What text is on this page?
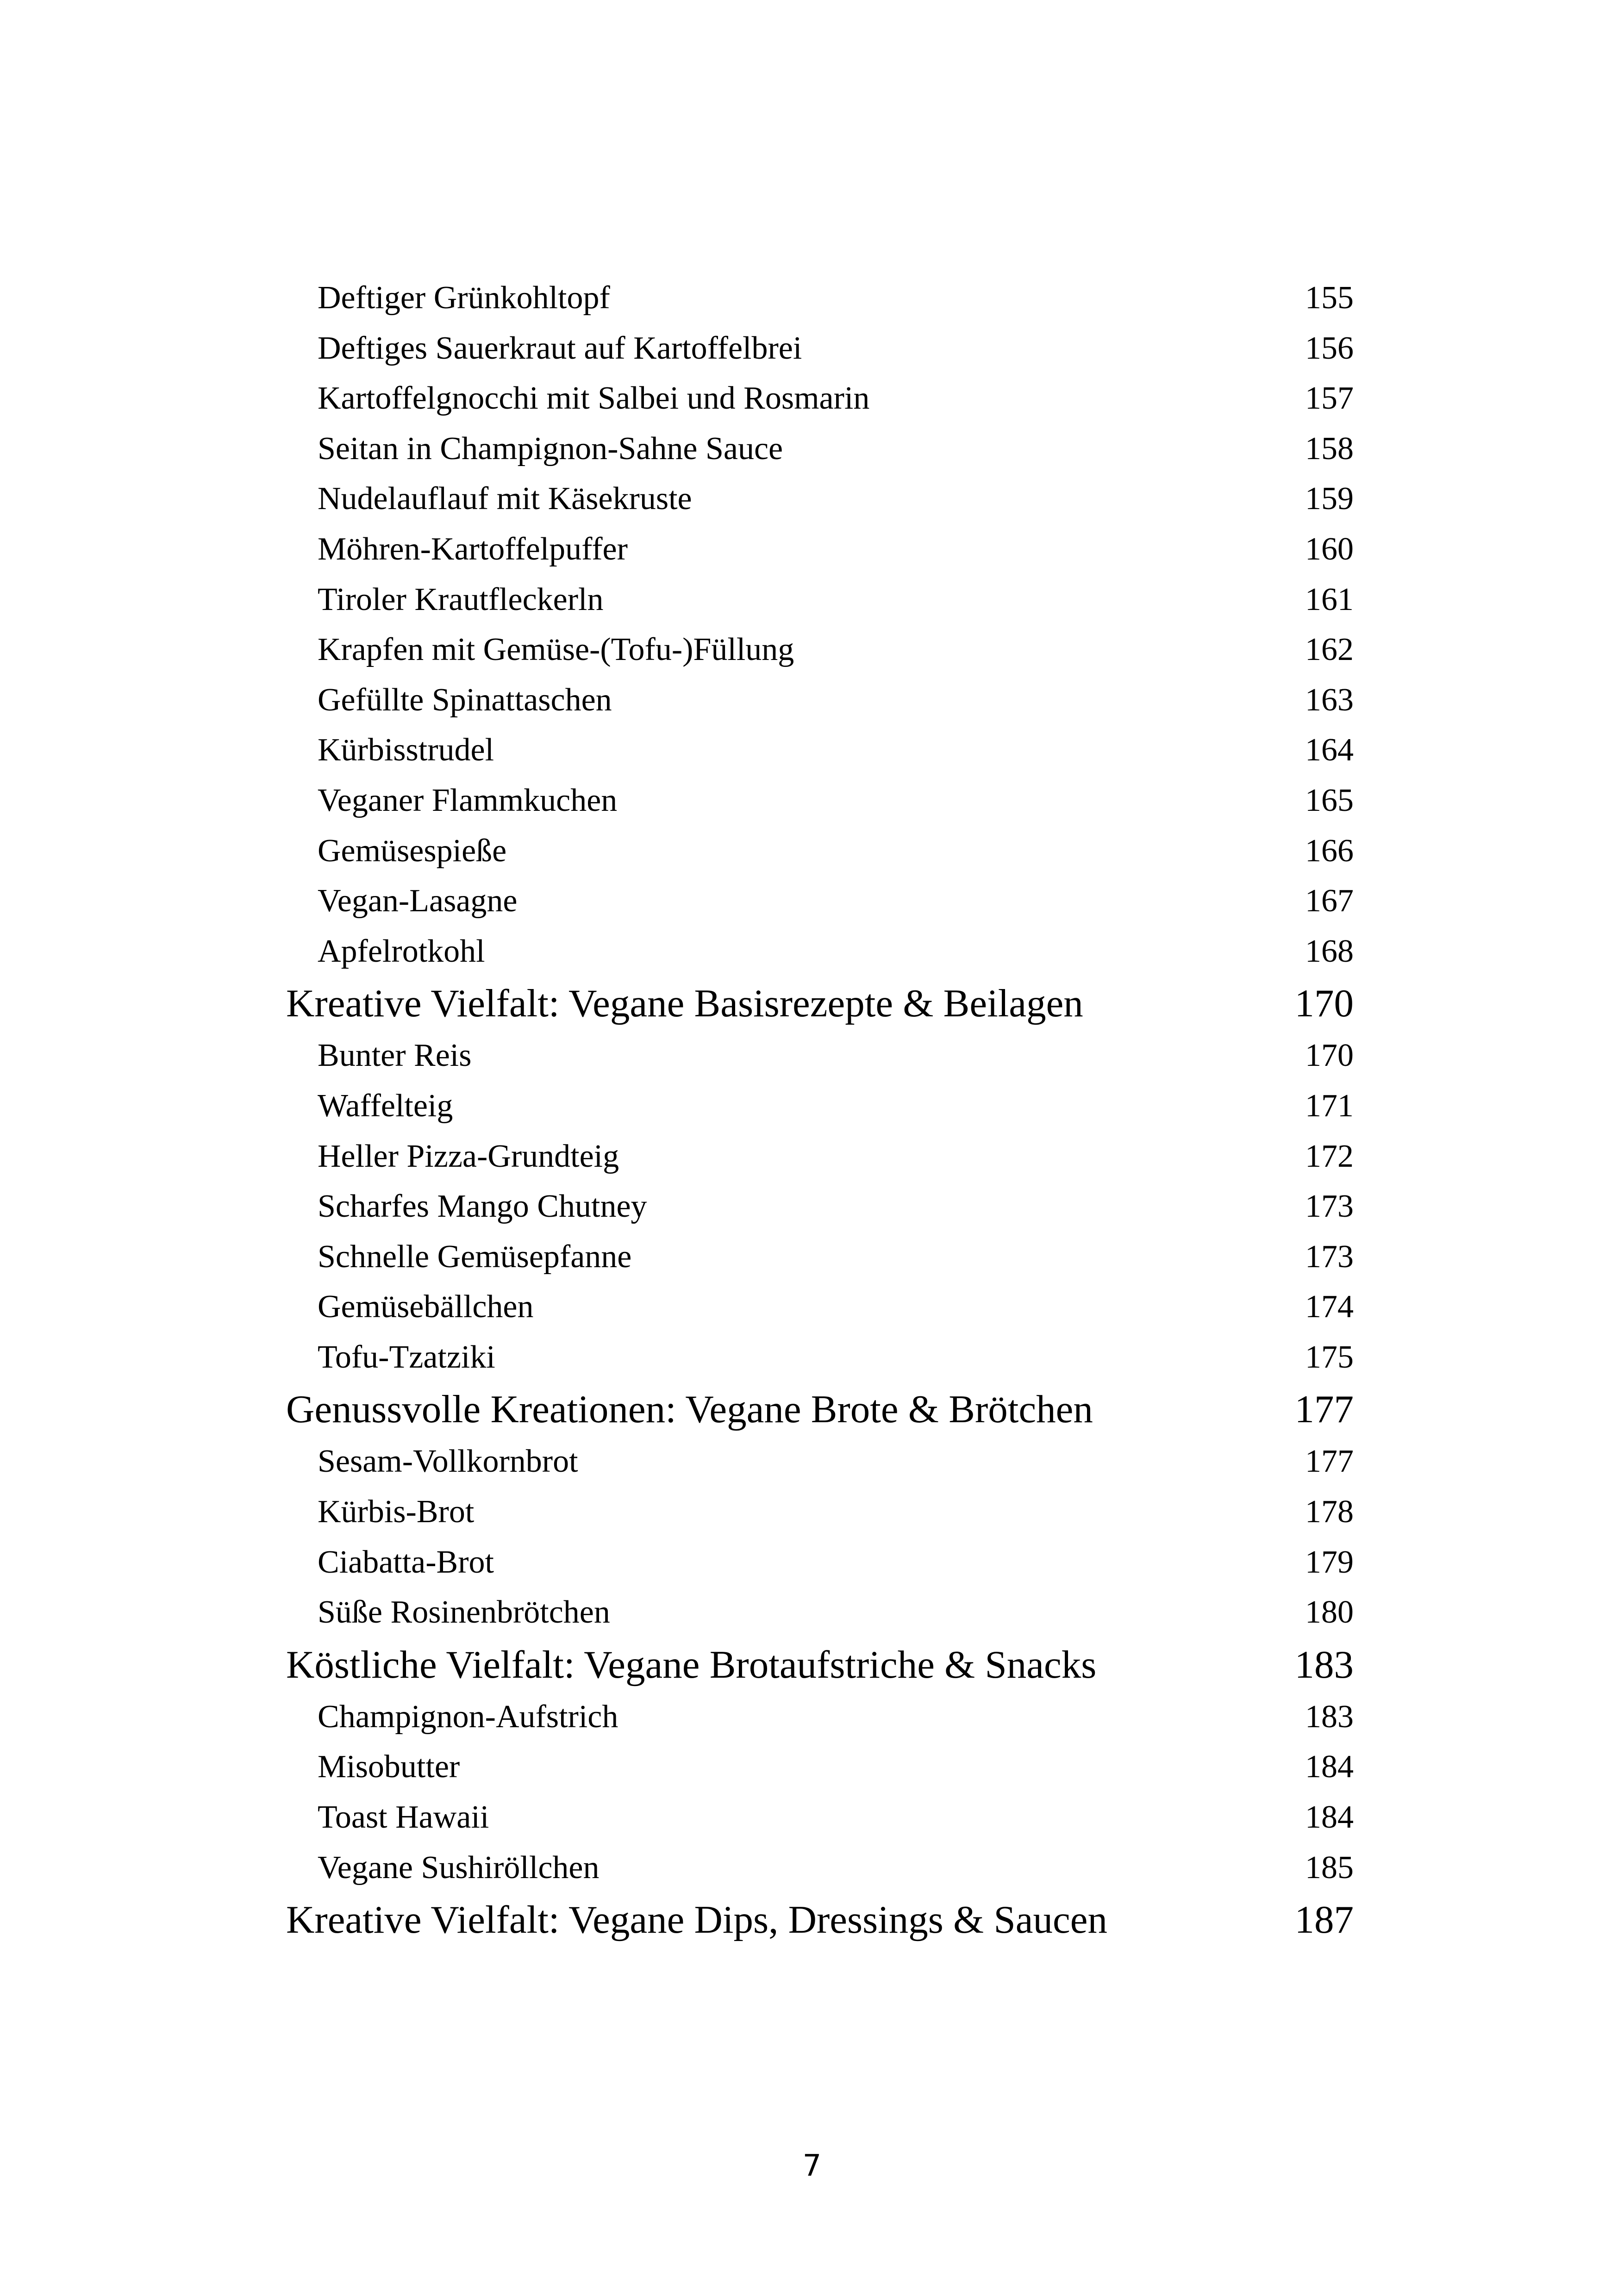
Deftiger Grünkohltopf	155
Deftiges Sauerkraut auf Kartoffelbrei	156
Kartoffelgnocchi mit Salbei und Rosmarin	157
Seitan in Champignon-Sahne Sauce	158
Nudelauflauf mit Käsekruste	159
Möhren-Kartoffelpuffer	160
Tiroler Krautfleckerln	161
Krapfen mit Gemüse-(Tofu-)Füllung	162
Gefüllte Spinattaschen	163
Kürbisstrudel	164
Veganer Flammkuchen	165
Gemüsespieße	166
Vegan-Lasagne	167
Apfelrotkohl	168
Kreative Vielfalt: Vegane Basisrezepte & Beilagen	170
Bunter Reis	170
Waffelteig	171
Heller Pizza-Grundteig	172
Scharfes Mango Chutney	173
Schnelle Gemüsepfanne	173
Gemüsebällchen	174
Tofu-Tzatziki	175
Genussvolle Kreationen: Vegane Brote & Brötchen	177
Sesam-Vollkornbrot	177
Kürbis-Brot	178
Ciabatta-Brot	179
Süße Rosinenbrötchen	180
Köstliche Vielfalt: Vegane Brotaufstriche & Snacks	183
Champignon-Aufstrich	183
Misobutter	184
Toast Hawaii	184
Vegane Sushiröllchen	185
Kreative Vielfalt: Vegane Dips, Dressings & Saucen	187
7
